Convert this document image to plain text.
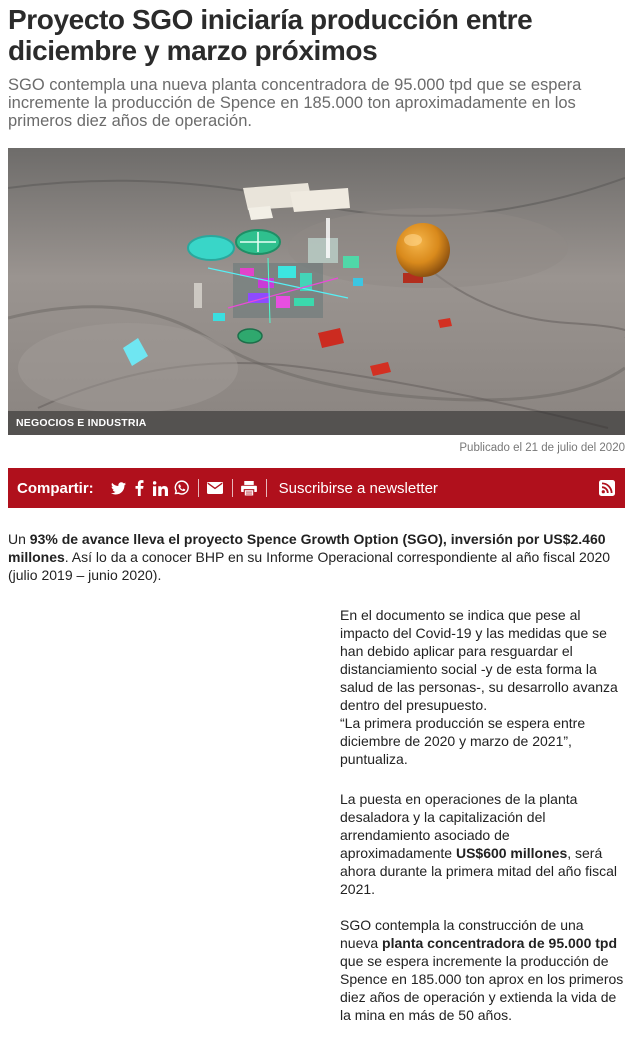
Proyecto SGO iniciaría producción entre diciembre y marzo próximos

SGO contempla una nueva planta concentradora de 95.000 tpd que se espera incremente la producción de Spence en 185.000 ton aproximadamente en los primeros diez años de operación.

NEGOCIOS E INDUSTRIA
Publicado el 21 de julio del 2020
Compartir:	Suscribirse a newsletter

Un 93% de avance lleva el proyecto Spence Growth Option (SGO), inversión por US$2.460 millones. Así lo da a conocer BHP en su Informe Operacional correspondiente al año fiscal 2020 (julio 2019 – junio 2020).

En el documento se indica que pese al impacto del Covid-19 y las medidas que se han debido aplicar para resguardar el distanciamiento social -y de esta forma la salud de las personas-, su desarrollo avanza dentro del presupuesto.
“La primera producción se espera entre diciembre de 2020 y marzo de 2021”, puntualiza.

La puesta en operaciones de la planta desaladora y la capitalización del arrendamiento asociado de aproximadamente US$600 millones, será ahora durante la primera mitad del año fiscal 2021.

SGO contempla la construcción de una nueva planta concentradora de 95.000 tpd que se espera incremente la producción de Spence en 185.000 ton aprox en los primeros diez años de operación y extienda la vida de la mina en más de 50 años.
